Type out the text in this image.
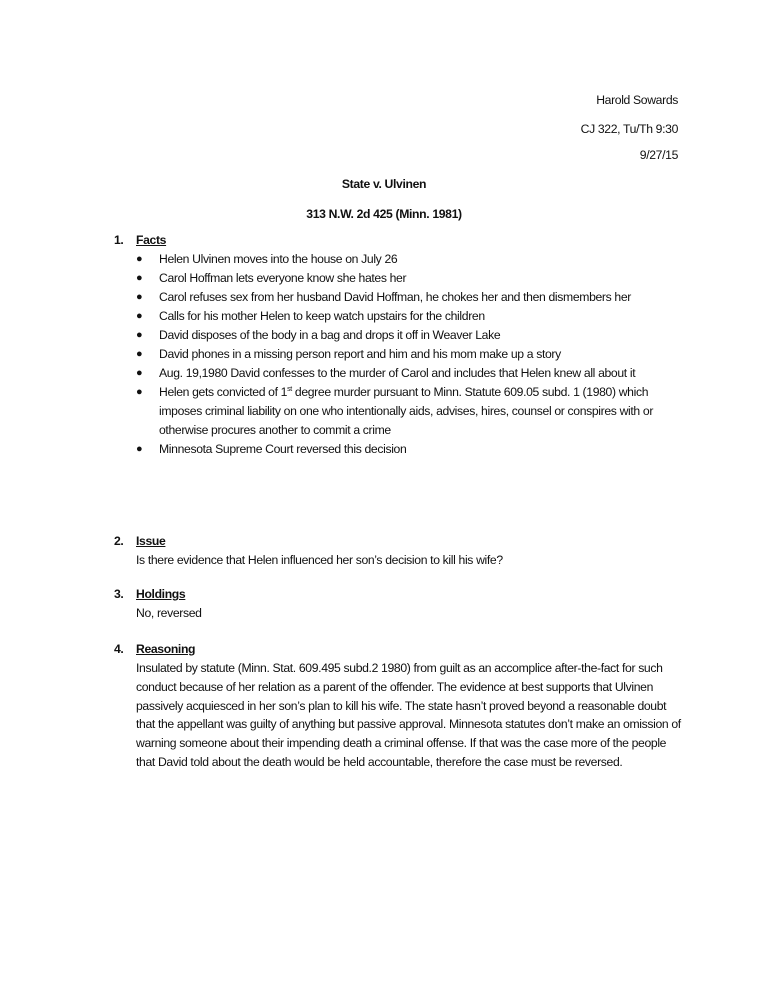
Harold Sowards
CJ 322, Tu/Th 9:30
9/27/15
State v. Ulvinen
313 N.W. 2d 425 (Minn. 1981)
1.	Facts
● Helen Ulvinen moves into the house on July 26
● Carol Hoffman lets everyone know she hates her
● Carol refuses sex from her husband David Hoffman, he chokes her and then dismembers her
● Calls for his mother Helen to keep watch upstairs for the children
● David disposes of the body in a bag and drops it off in Weaver Lake
● David phones in a missing person report and him and his mom make up a story
● Aug. 19,1980 David confesses to the murder of Carol and includes that Helen knew all about it
● Helen gets convicted of 1st degree murder pursuant to Minn. Statute 609.05 subd. 1 (1980) which imposes criminal liability on one who intentionally aids, advises, hires, counsel or conspires with or otherwise procures another to commit a crime
● Minnesota Supreme Court reversed this decision
2.	Issue
Is there evidence that Helen influenced her son’s decision to kill his wife?
3.	Holdings
No, reversed
4.	Reasoning
Insulated by statute (Minn. Stat. 609.495 subd.2 1980) from guilt as an accomplice after-the-fact for such conduct because of her relation as a parent of the offender. The evidence at best supports that Ulvinen passively acquiesced in her son’s plan to kill his wife. The state hasn’t proved beyond a reasonable doubt that the appellant was guilty of anything but passive approval. Minnesota statutes don’t make an omission of warning someone about their impending death a criminal offense. If that was the case more of the people that David told about the death would be held accountable, therefore the case must be reversed.
